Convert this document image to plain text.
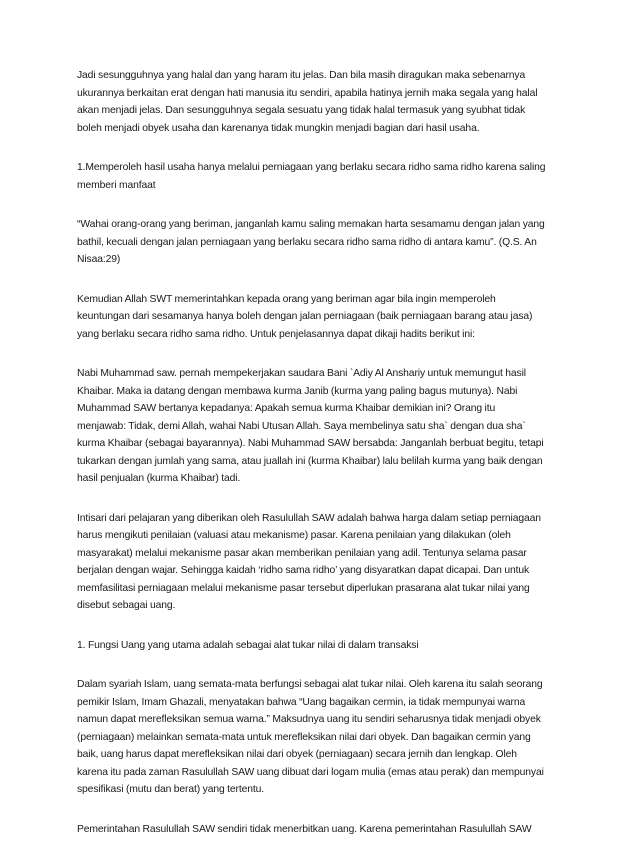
Jadi sesungguhnya yang halal dan yang haram itu jelas. Dan bila masih diragukan maka sebenarnya
ukurannya berkaitan erat dengan hati manusia itu sendiri, apabila hatinya jernih maka segala yang halal
akan menjadi jelas. Dan sesungguhnya segala sesuatu yang tidak halal termasuk yang syubhat tidak
boleh menjadi obyek usaha dan karenanya tidak mungkin menjadi bagian dari hasil usaha.

1.Memperoleh hasil usaha hanya melalui perniagaan yang berlaku secara ridho sama ridho karena saling
memberi manfaat

“Wahai orang-orang yang beriman, janganlah kamu saling memakan harta sesamamu dengan jalan yang
bathil, kecuali dengan jalan perniagaan yang berlaku secara ridho sama ridho di antara kamu”. (Q.S. An
Nisaa:29)

Kemudian Allah SWT memerintahkan kepada orang yang beriman agar bila ingin memperoleh
keuntungan dari sesamanya hanya boleh dengan jalan perniagaan (baik perniagaan barang atau jasa)
yang berlaku secara ridho sama ridho. Untuk penjelasannya dapat dikaji hadits berikut ini:

Nabi Muhammad saw. pernah mempekerjakan saudara Bani `Adiy Al Anshariy untuk memungut hasil
Khaibar. Maka ia datang dengan membawa kurma Janib (kurma yang paling bagus mutunya). Nabi
Muhammad SAW bertanya kepadanya: Apakah semua kurma Khaibar demikian ini? Orang itu
menjawab: Tidak, demi Allah, wahai Nabi Utusan Allah. Saya membelinya satu sha` dengan dua sha`
kurma Khaibar (sebagai bayarannya). Nabi Muhammad SAW bersabda: Janganlah berbuat begitu, tetapi
tukarkan dengan jumlah yang sama, atau juallah ini (kurma Khaibar) lalu belilah kurma yang baik dengan
hasil penjualan (kurma Khaibar) tadi.

Intisari dari pelajaran yang diberikan oleh Rasulullah SAW adalah bahwa harga dalam setiap perniagaan
harus mengikuti penilaian (valuasi atau mekanisme) pasar. Karena penilaian yang dilakukan (oleh
masyarakat) melalui mekanisme pasar akan memberikan penilaian yang adil. Tentunya selama pasar
berjalan dengan wajar. Sehingga kaidah ‘ridho sama ridho’ yang disyaratkan dapat dicapai. Dan untuk
memfasilitasi perniagaan melalui mekanisme pasar tersebut diperlukan prasarana alat tukar nilai yang
disebut sebagai uang.

1. Fungsi Uang yang utama adalah sebagai alat tukar nilai di dalam transaksi

Dalam syariah Islam, uang semata-mata berfungsi sebagai alat tukar nilai. Oleh karena itu salah seorang
pemikir Islam, Imam Ghazali, menyatakan bahwa “Uang bagaikan cermin, ia tidak mempunyai warna
namun dapat merefleksikan semua warna.” Maksudnya uang itu sendiri seharusnya tidak menjadi obyek
(perniagaan) melainkan semata-mata untuk merefleksikan nilai dari obyek. Dan bagaikan cermin yang
baik, uang harus dapat merefleksikan nilai dari obyek (perniagaan) secara jernih dan lengkap. Oleh
karena itu pada zaman Rasulullah SAW uang dibuat dari logam mulia (emas atau perak) dan mempunyai
spesifikasi (mutu dan berat) yang tertentu.

Pemerintahan Rasulullah SAW sendiri tidak menerbitkan uang. Karena pemerintahan Rasulullah SAW
